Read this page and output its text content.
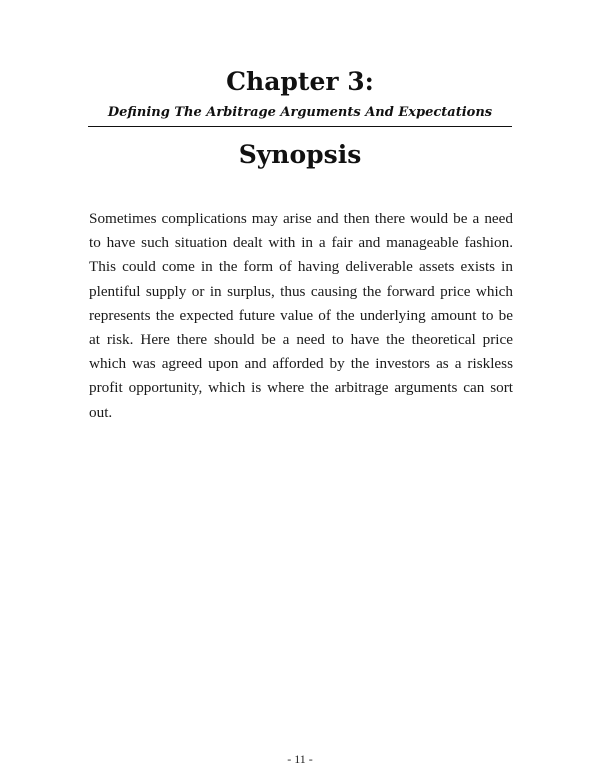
Chapter 3:
Defining The Arbitrage Arguments And Expectations
Synopsis

Sometimes complications may arise and then there would be a need to have such situation dealt with in a fair and manageable fashion. This could come in the form of having deliverable assets exists in plentiful supply or in surplus, thus causing the forward price which represents the expected future value of the underlying amount to be at risk. Here there should be a need to have the theoretical price which was agreed upon and afforded by the investors as a riskless profit opportunity, which is where the arbitrage arguments can sort out.

- 11 -
